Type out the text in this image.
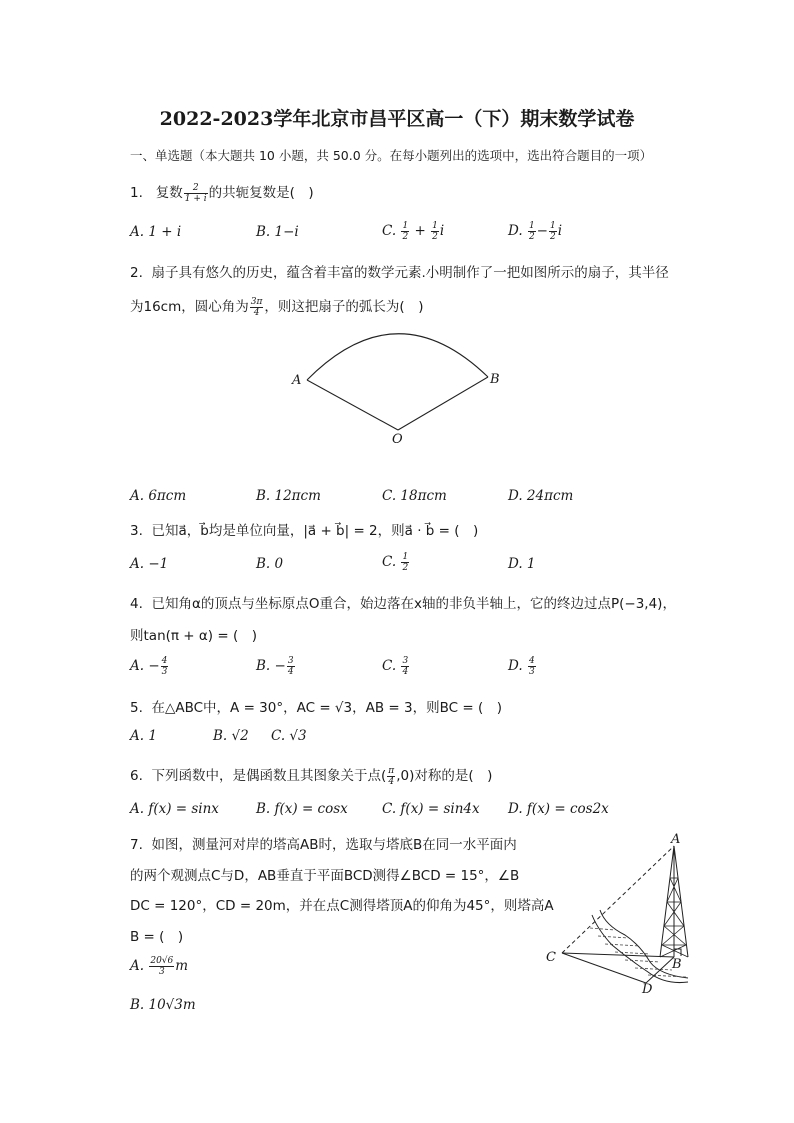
2022-2023学年北京市昌平区高一（下）期末数学试卷
一、单选题（本大题共 10 小题，共 50.0 分。在每小题列出的选项中，选出符合题目的一项）
1. 复数 $\frac{2}{1 + i}$ 的共轭复数是(　)
A. 1 + i	B. 1−i	C. $\frac{1}{2} + \frac{1}{2}$ i	D. $\frac{1}{2} - \frac{1}{2}$ i
2. 扇子具有悠久的历史，蕴含着丰富的数学元素.小明制作了一把如图所示的扇子，其半径
为16cm，圆心角为 $\frac{3\pi}{4}$ ，则这把扇子的弧长为(　)
A	B
O
A. 6πcm	B. 12πcm	C. 18πcm	D. 24πcm
3. 已知a⃗，b⃗均是单位向量，|a⃗ + b⃗| = 2，则a⃗ · b⃗ = (　)
A. −1	B. 0	C. $\frac{1}{2}$	D. 1
4. 已知角α的顶点与坐标原点O重合，始边落在x轴的非负半轴上，它的终边过点P(−3,4)，
则tan(π + α) = (　)
A. − $\frac{4}{3}$	B. − $\frac{3}{4}$	C. $\frac{3}{4}$	D. $\frac{4}{3}$
5. 在△ABC中，A = 30°，AC = √3，AB = 3，则BC = (　)
A. 1	B. √2 C. √3
6. 下列函数中，是偶函数且其图象关于点( $\frac{\pi}{4} ,0$)对称的是(　)
A. f(x) = sinx	B. f(x) = cosx	C. f(x) = sin4x D. f(x) = cos2x
7. 如图，测量河对岸的塔高AB时，选取与塔底B在同一水平面内
的两个观测点C与D，AB垂直于平面BCD测得∠BCD = 15°，∠B
DC = 120°，CD = 20m，并在点C测得塔顶A的仰角为45°，则塔高A
B = (　)
A. $\frac{20√6}{3}$ m
B. 10√3m
A
B
C
D
